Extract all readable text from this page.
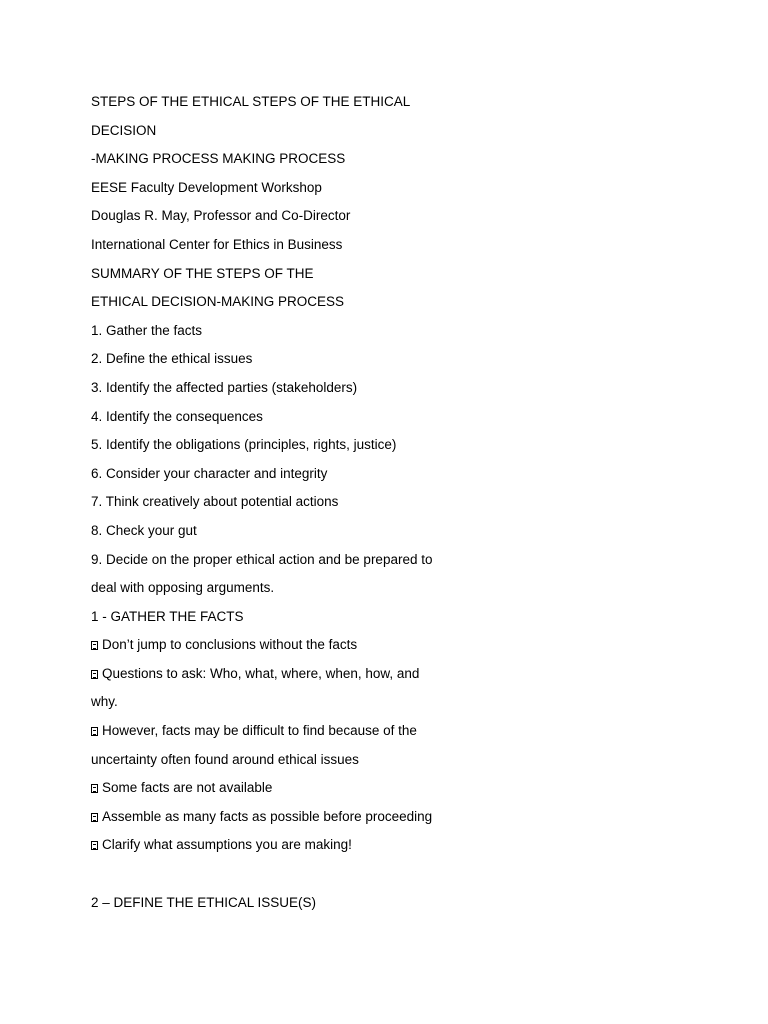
STEPS OF THE ETHICAL STEPS OF THE ETHICAL
DECISION
-MAKING PROCESS MAKING PROCESS
EESE Faculty Development Workshop
Douglas R. May, Professor and Co-Director
International Center for Ethics in Business
SUMMARY OF THE STEPS OF THE
ETHICAL DECISION-MAKING PROCESS
1. Gather the facts
2. Define the ethical issues
3. Identify the affected parties (stakeholders)
4. Identify the consequences
5. Identify the obligations (principles, rights, justice)
6. Consider your character and integrity
7. Think creatively about potential actions
8. Check your gut
9. Decide on the proper ethical action and be prepared to
deal with opposing arguments.
1 - GATHER THE FACTS
Don’t jump to conclusions without the facts
Questions to ask: Who, what, where, when, how, and
why.
However, facts may be difficult to find because of the
uncertainty often found around ethical issues
Some facts are not available
Assemble as many facts as possible before proceeding
Clarify what assumptions you are making!
2 – DEFINE THE ETHICAL ISSUE(S)
